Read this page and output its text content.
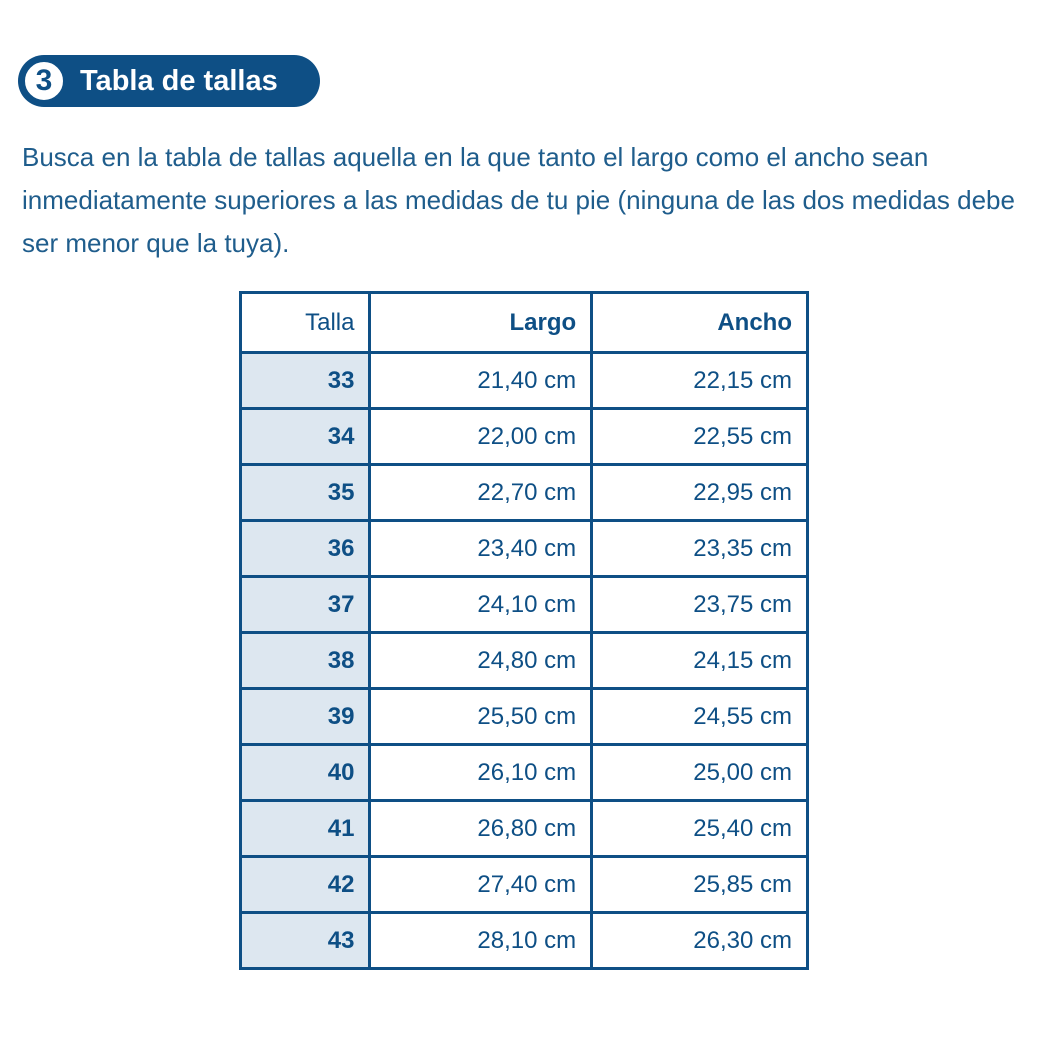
3 Tabla de tallas

Busca en la tabla de tallas aquella en la que tanto el largo como el ancho sean inmediatamente superiores a las medidas de tu pie (ninguna de las dos medidas debe ser menor que la tuya).

Talla	Largo	Ancho
33	21,40 cm	22,15 cm
34	22,00 cm	22,55 cm
35	22,70 cm	22,95 cm
36	23,40 cm	23,35 cm
37	24,10 cm	23,75 cm
38	24,80 cm	24,15 cm
39	25,50 cm	24,55 cm
40	26,10 cm	25,00 cm
41	26,80 cm	25,40 cm
42	27,40 cm	25,85 cm
43	28,10 cm	26,30 cm
